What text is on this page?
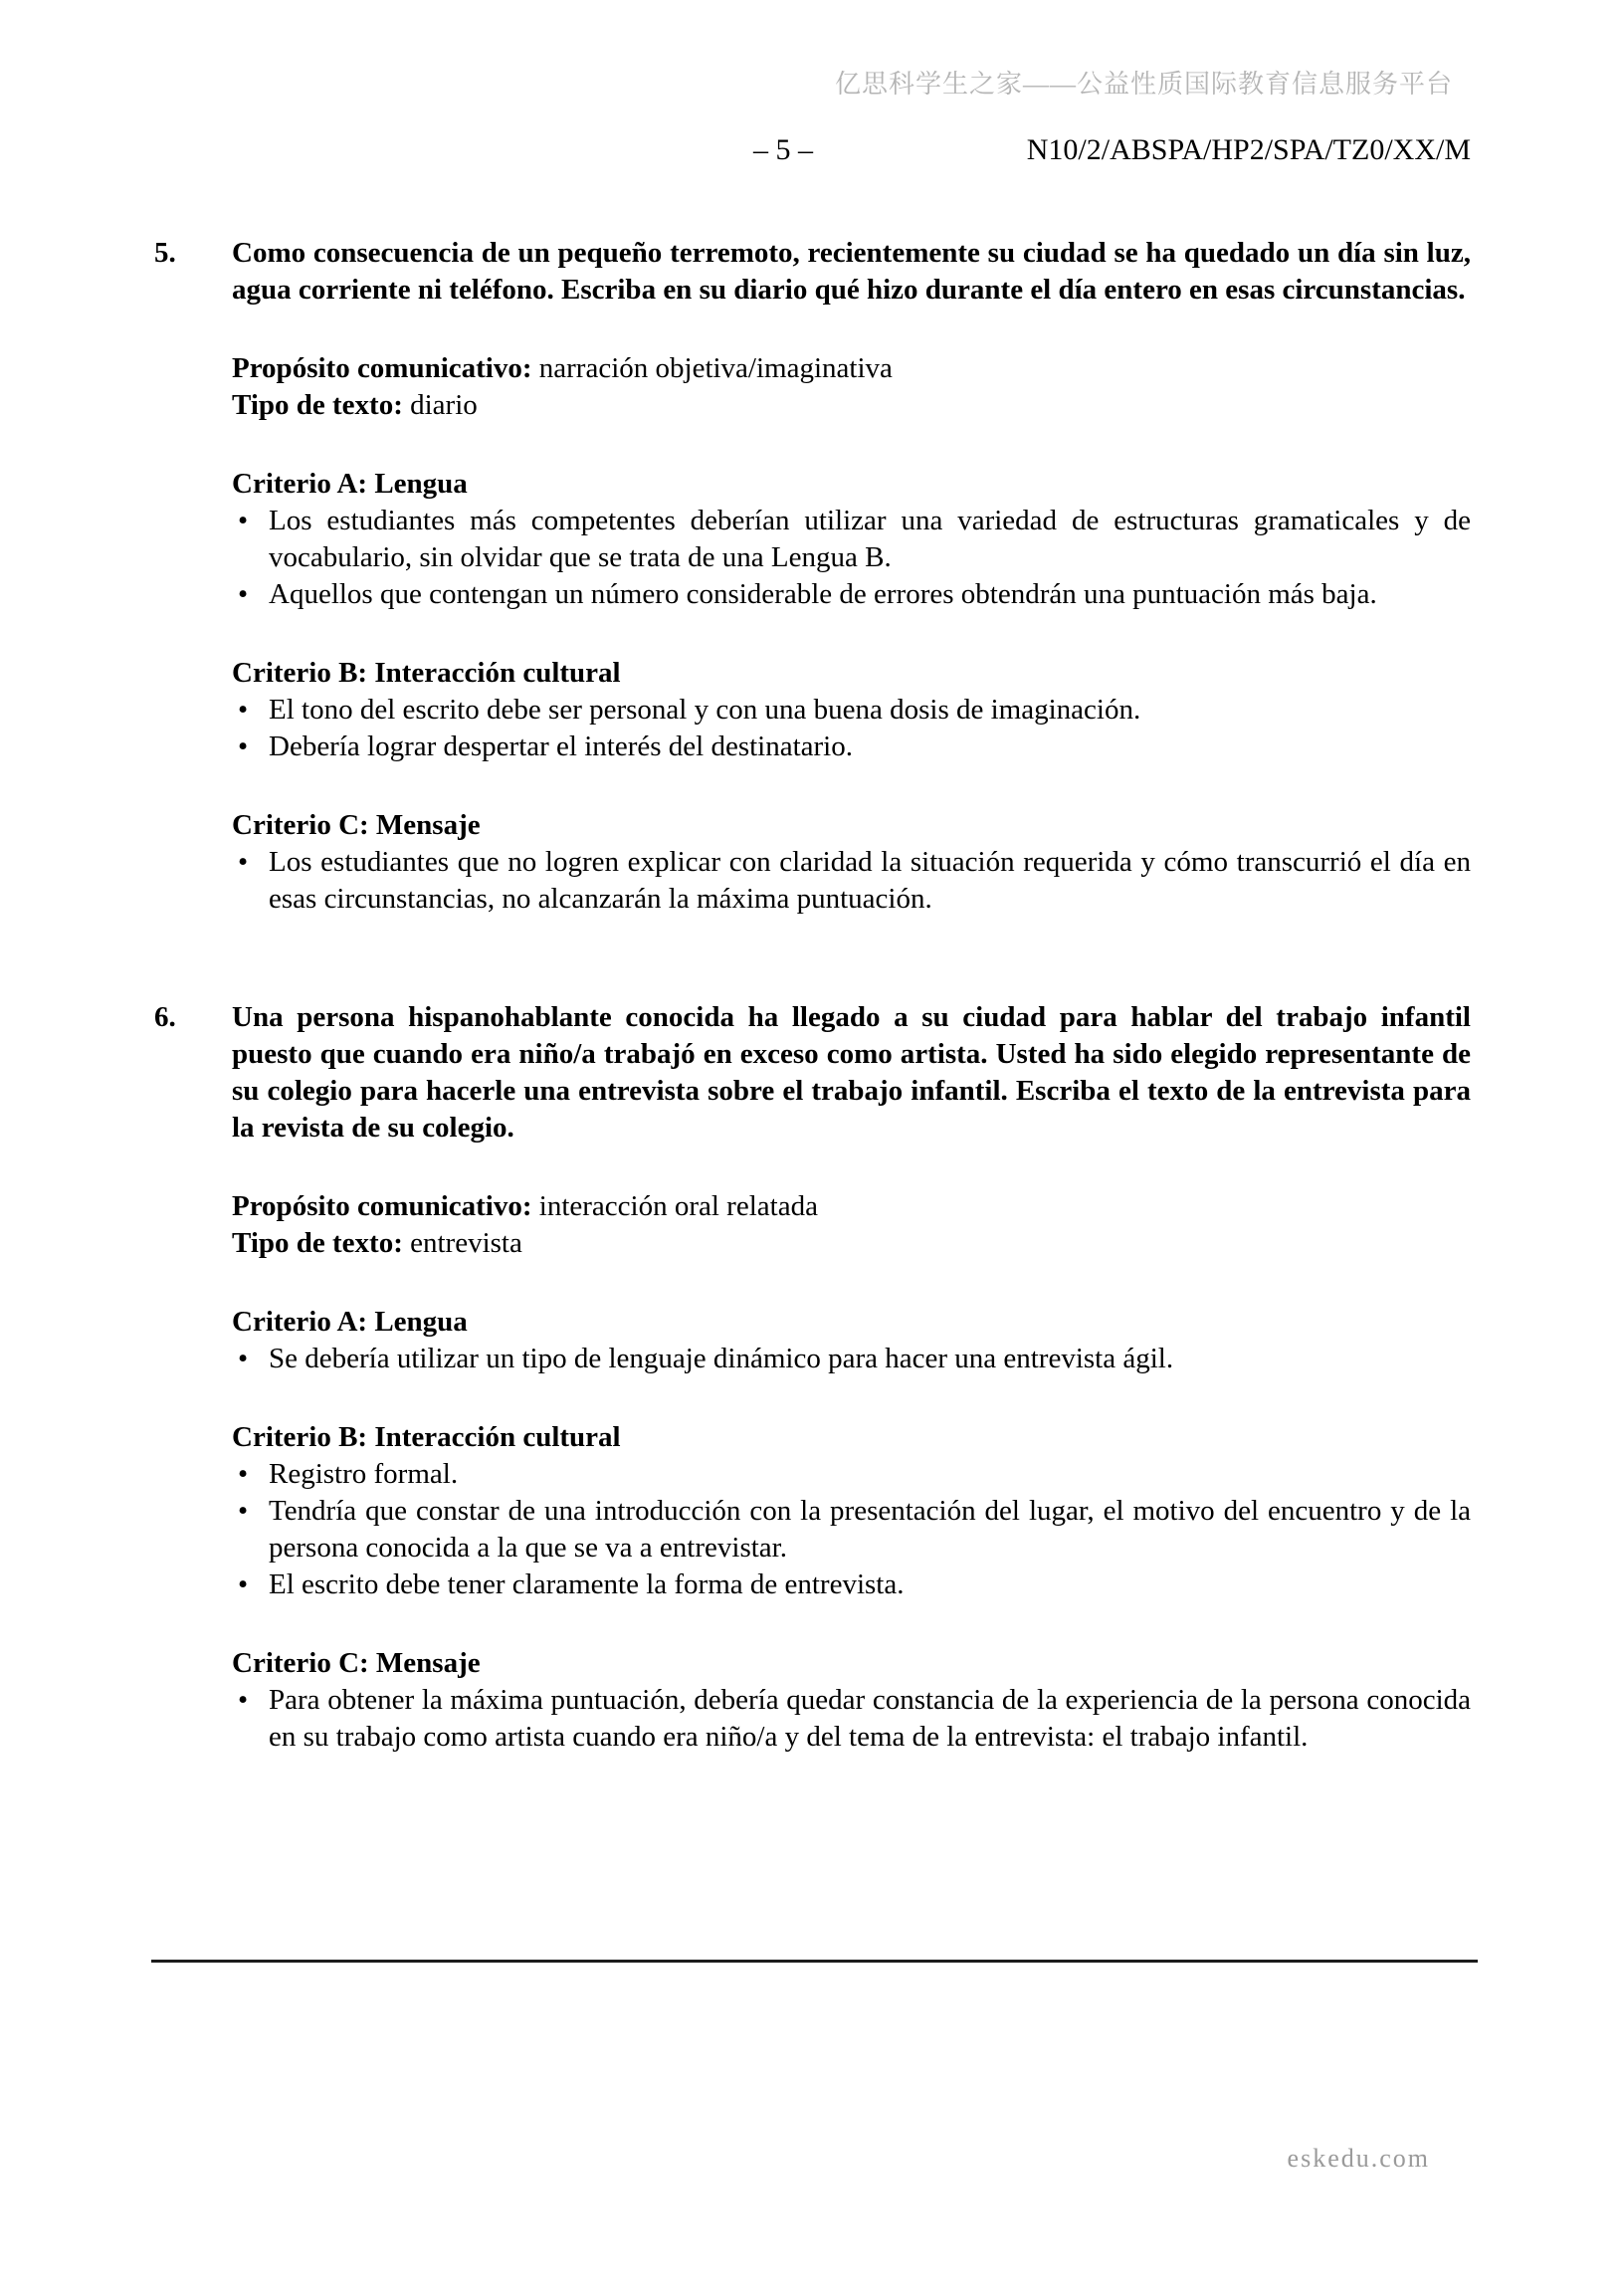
亿思科学生之家——公益性质国际教育信息服务平台
– 5 –	N10/2/ABSPA/HP2/SPA/TZ0/XX/M
5. Como consecuencia de un pequeño terremoto, recientemente su ciudad se ha quedado un día sin luz, agua corriente ni teléfono. Escriba en su diario qué hizo durante el día entero en esas circunstancias.

Propósito comunicativo: narración objetiva/imaginativa

Tipo de texto: diario

Criterio A: Lengua

• Los estudiantes más competentes deberían utilizar una variedad de estructuras gramaticales y de vocabulario, sin olvidar que se trata de una Lengua B.

• Aquellos que contengan un número considerable de errores obtendrán una puntuación más baja.

Criterio B: Interacción cultural

• El tono del escrito debe ser personal y con una buena dosis de imaginación.

• Debería lograr despertar el interés del destinatario.

Criterio C: Mensaje

• Los estudiantes que no logren explicar con claridad la situación requerida y cómo transcurrió el día en esas circunstancias, no alcanzarán la máxima puntuación.

6. Una persona hispanohablante conocida ha llegado a su ciudad para hablar del trabajo infantil puesto que cuando era niño/a trabajó en exceso como artista. Usted ha sido elegido representante de su colegio para hacerle una entrevista sobre el trabajo infantil. Escriba el texto de la entrevista para la revista de su colegio.

Propósito comunicativo: interacción oral relatada

Tipo de texto: entrevista

Criterio A: Lengua

• Se debería utilizar un tipo de lenguaje dinámico para hacer una entrevista ágil.

Criterio B: Interacción cultural

• Registro formal.

• Tendría que constar de una introducción con la presentación del lugar, el motivo del encuentro y de la persona conocida a la que se va a entrevistar.

• El escrito debe tener claramente la forma de entrevista.

Criterio C: Mensaje

• Para obtener la máxima puntuación, debería quedar constancia de la experiencia de la persona conocida en su trabajo como artista cuando era niño/a y del tema de la entrevista: el trabajo infantil.

eskedu.com
